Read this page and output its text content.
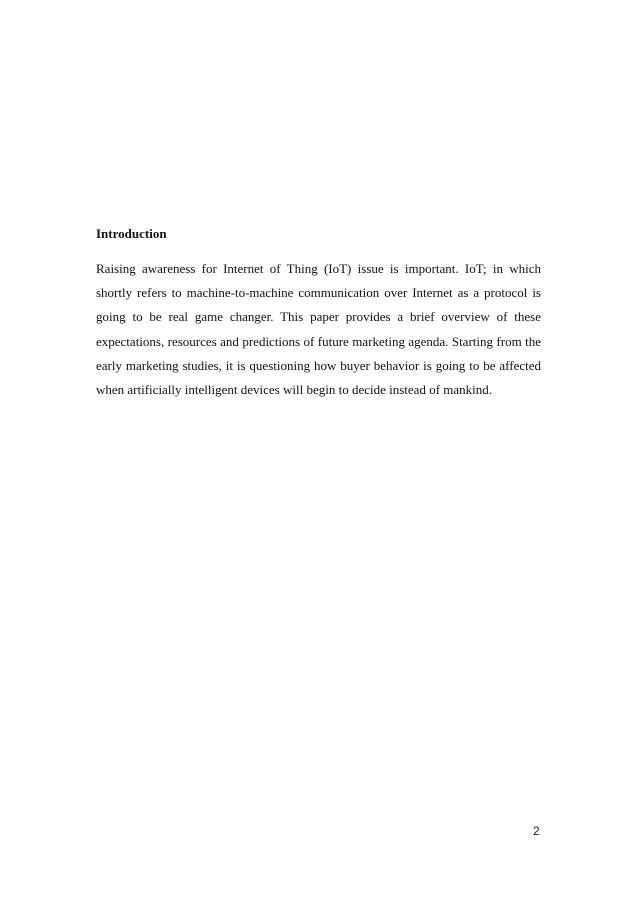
Introduction

Raising awareness for Internet of Thing (IoT) issue is important. IoT; in which shortly refers to machine-to-machine communication over Internet as a protocol is going to be real game changer. This paper provides a brief overview of these expectations, resources and predictions of future marketing agenda. Starting from the early marketing studies, it is questioning how buyer behavior is going to be affected when artificially intelligent devices will begin to decide instead of mankind.

2
